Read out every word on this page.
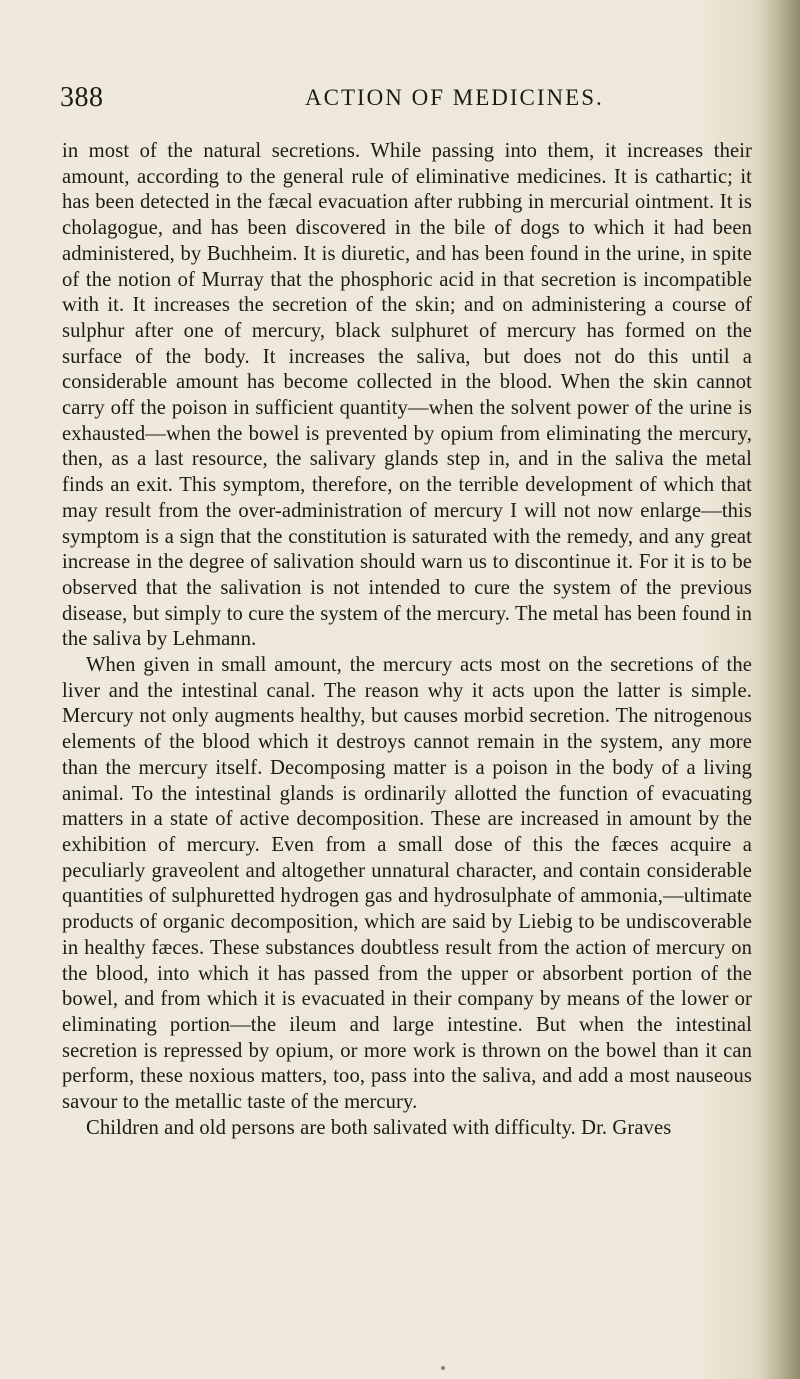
388	ACTION OF MEDICINES.

in most of the natural secretions. While passing into them, it increases their amount, according to the general rule of eliminative medicines. It is cathartic; it has been detected in the fæcal evacuation after rubbing in mercurial ointment. It is cholagogue, and has been discovered in the bile of dogs to which it had been administered, by Buchheim. It is diuretic, and has been found in the urine, in spite of the notion of Murray that the phosphoric acid in that secretion is incompatible with it. It increases the secretion of the skin; and on administering a course of sulphur after one of mercury, black sulphuret of mercury has formed on the surface of the body. It increases the saliva, but does not do this until a considerable amount has become collected in the blood. When the skin cannot carry off the poison in sufficient quantity—when the solvent power of the urine is exhausted—when the bowel is prevented by opium from eliminating the mercury, then, as a last resource, the salivary glands step in, and in the saliva the metal finds an exit. This symptom, therefore, on the terrible development of which that may result from the over-administration of mercury I will not now enlarge—this symptom is a sign that the constitution is saturated with the remedy, and any great increase in the degree of salivation should warn us to discontinue it. For it is to be observed that the salivation is not intended to cure the system of the previous disease, but simply to cure the system of the mercury. The metal has been found in the saliva by Lehmann.

When given in small amount, the mercury acts most on the secretions of the liver and the intestinal canal. The reason why it acts upon the latter is simple. Mercury not only augments healthy, but causes morbid secretion. The nitrogenous elements of the blood which it destroys cannot remain in the system, any more than the mercury itself. Decomposing matter is a poison in the body of a living animal. To the intestinal glands is ordinarily allotted the function of evacuating matters in a state of active decomposition. These are increased in amount by the exhibition of mercury. Even from a small dose of this the fæces acquire a peculiarly graveolent and altogether unnatural character, and contain considerable quantities of sulphuretted hydrogen gas and hydrosulphate of ammonia,—ultimate products of organic decomposition, which are said by Liebig to be undiscoverable in healthy fæces. These substances doubtless result from the action of mercury on the blood, into which it has passed from the upper or absorbent portion of the bowel, and from which it is evacuated in their company by means of the lower or eliminating portion—the ileum and large intestine. But when the intestinal secretion is repressed by opium, or more work is thrown on the bowel than it can perform, these noxious matters, too, pass into the saliva, and add a most nauseous savour to the metallic taste of the mercury.

Children and old persons are both salivated with difficulty. Dr. Graves
